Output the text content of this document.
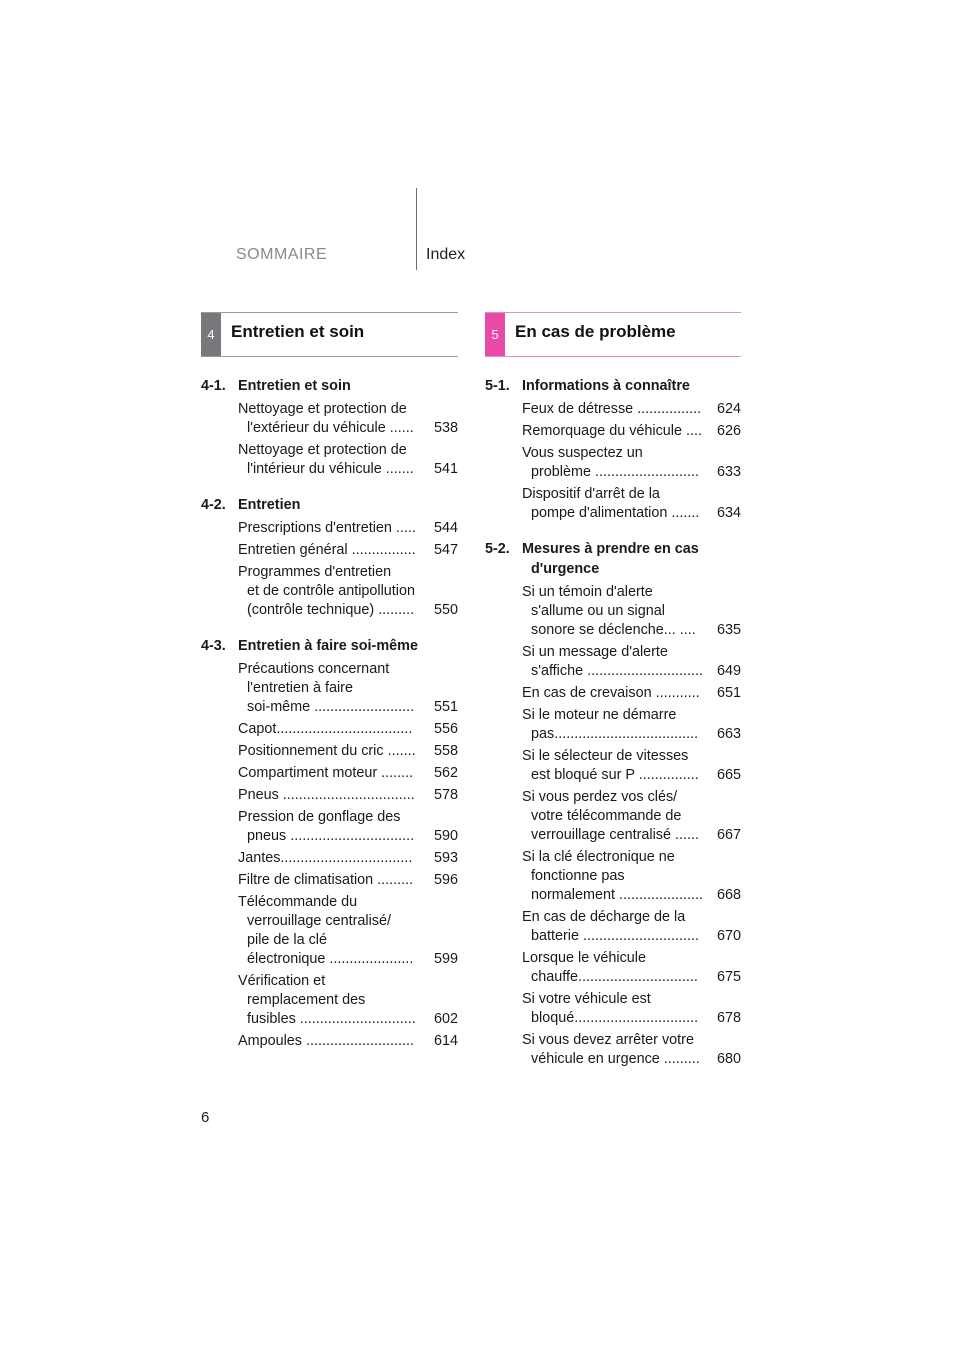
SOMMAIRE	Index
4 Entretien et soin	5 En cas de problème
4-1. Entretien et soin
Nettoyage et protection de
l'extérieur du véhicule ......	538
Nettoyage et protection de
l'intérieur du véhicule .......	541
4-2. Entretien
Prescriptions d'entretien .....	544
Entretien général ................	547
Programmes d'entretien
et de contrôle antipollution
(contrôle technique) .........	550
4-3. Entretien à faire soi-même
Précautions concernant
l'entretien à faire
soi-même .........................	551
Capot..................................	556
Positionnement du cric .......	558
Compartiment moteur ........	562
Pneus .................................	578
Pression de gonflage des
pneus ...............................	590
Jantes.................................	593
Filtre de climatisation .........	596
Télécommande du
verrouillage centralisé/
pile de la clé
électronique .....................	599
Vérification et
remplacement des
fusibles .............................	602
Ampoules ...........................	614
5-1. Informations à connaître
Feux de détresse ................	624
Remorquage du véhicule ....	626
Vous suspectez un
problème ..........................	633
Dispositif d'arrêt de la
pompe d'alimentation .......	634
5-2. Mesures à prendre en cas
d'urgence
Si un témoin d'alerte
s'allume ou un signal
sonore se déclenche... ....	635
Si un message d'alerte
s'affiche ............................. 649
En cas de crevaison ...........	651
Si le moteur ne démarre
pas....................................	663
Si le sélecteur de vitesses
est bloqué sur P ...............	665
Si vous perdez vos clés/
votre télécommande de
verrouillage centralisé ......	667
Si la clé électronique ne
fonctionne pas
normalement ..................... 668
En cas de décharge de la
batterie .............................	670
Lorsque le véhicule
chauffe..............................	675
Si votre véhicule est
bloqué...............................	678
Si vous devez arrêter votre
véhicule en urgence .........	680
6
